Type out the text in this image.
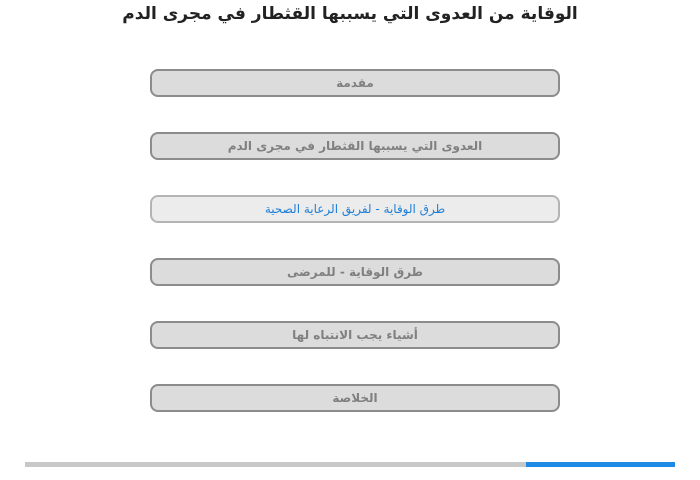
الوقاية من العدوى التي يسببها القثطار في مجرى الدم
مقدمة
العدوى التي يسببها القثطار في مجرى الدم
طرق الوقاية - لفريق الرعاية الصحية
طرق الوقاية - للمرضى
أشياء يجب الانتباه لها
الخلاصة
